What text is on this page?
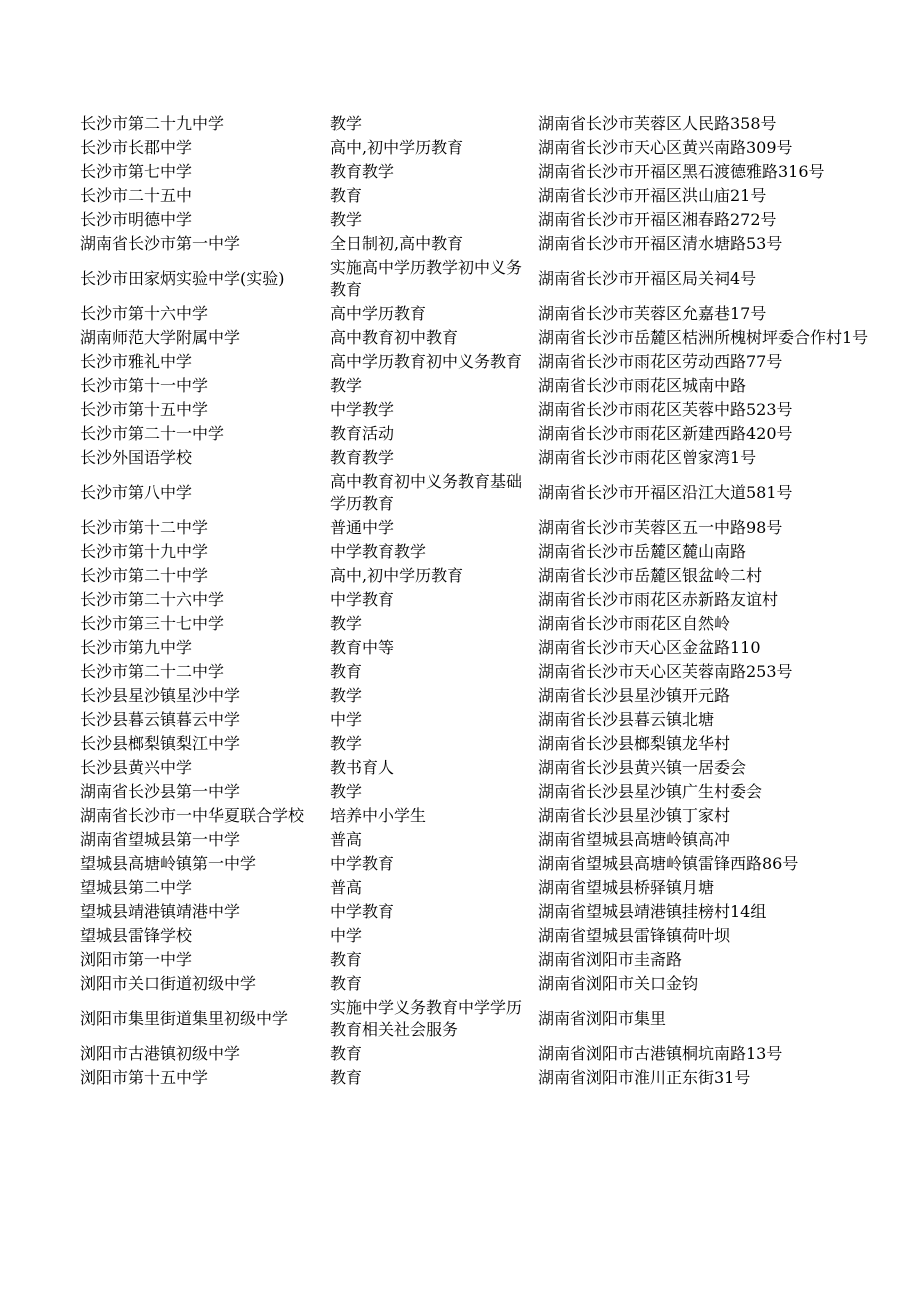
长沙市第二十九中学	教学	湖南省长沙市芙蓉区人民路358号
长沙市长郡中学	高中,初中学历教育	湖南省长沙市天心区黄兴南路309号
长沙市第七中学	教育教学	湖南省长沙市开福区黑石渡德雅路316号
长沙市二十五中	教育	湖南省长沙市开福区洪山庙21号
长沙市明德中学	教学	湖南省长沙市开福区湘春路272号
湖南省长沙市第一中学	全日制初,高中教育	湖南省长沙市开福区清水塘路53号
长沙市田家炳实验中学(实验)	实施高中学历教学初中义务教育	湖南省长沙市开福区局关祠4号
长沙市第十六中学	高中学历教育	湖南省长沙市芙蓉区允嘉巷17号
湖南师范大学附属中学	高中教育初中教育	湖南省长沙市岳麓区桔洲所槐树坪委合作村1号
长沙市雅礼中学	高中学历教育初中义务教育	湖南省长沙市雨花区劳动西路77号
长沙市第十一中学	教学	湖南省长沙市雨花区城南中路
长沙市第十五中学	中学教学	湖南省长沙市雨花区芙蓉中路523号
长沙市第二十一中学	教育活动	湖南省长沙市雨花区新建西路420号
长沙外国语学校	教育教学	湖南省长沙市雨花区曾家湾1号
长沙市第八中学	高中教育初中义务教育基础学历教育	湖南省长沙市开福区沿江大道581号
长沙市第十二中学	普通中学	湖南省长沙市芙蓉区五一中路98号
长沙市第十九中学	中学教育教学	湖南省长沙市岳麓区麓山南路
长沙市第二十中学	高中,初中学历教育	湖南省长沙市岳麓区银盆岭二村
长沙市第二十六中学	中学教育	湖南省长沙市雨花区赤新路友谊村
长沙市第三十七中学	教学	湖南省长沙市雨花区自然岭
长沙市第九中学	教育中等	湖南省长沙市天心区金盆路110
长沙市第二十二中学	教育	湖南省长沙市天心区芙蓉南路253号
长沙县星沙镇星沙中学	教学	湖南省长沙县星沙镇开元路
长沙县暮云镇暮云中学	中学	湖南省长沙县暮云镇北塘
长沙县榔梨镇梨江中学	教学	湖南省长沙县榔梨镇龙华村
长沙县黄兴中学	教书育人	湖南省长沙县黄兴镇一居委会
湖南省长沙县第一中学	教学	湖南省长沙县星沙镇广生村委会
湖南省长沙市一中华夏联合学校	培养中小学生	湖南省长沙县星沙镇丁家村
湖南省望城县第一中学	普高	湖南省望城县高塘岭镇高冲
望城县高塘岭镇第一中学	中学教育	湖南省望城县高塘岭镇雷锋西路86号
望城县第二中学	普高	湖南省望城县桥驿镇月塘
望城县靖港镇靖港中学	中学教育	湖南省望城县靖港镇挂榜村14组
望城县雷锋学校	中学	湖南省望城县雷锋镇荷叶坝
浏阳市第一中学	教育	湖南省浏阳市圭斋路
浏阳市关口街道初级中学	教育	湖南省浏阳市关口金钧
浏阳市集里街道集里初级中学	实施中学义务教育中学学历教育相关社会服务	湖南省浏阳市集里
浏阳市古港镇初级中学	教育	湖南省浏阳市古港镇桐坑南路13号
浏阳市第十五中学	教育	湖南省浏阳市淮川正东街31号
